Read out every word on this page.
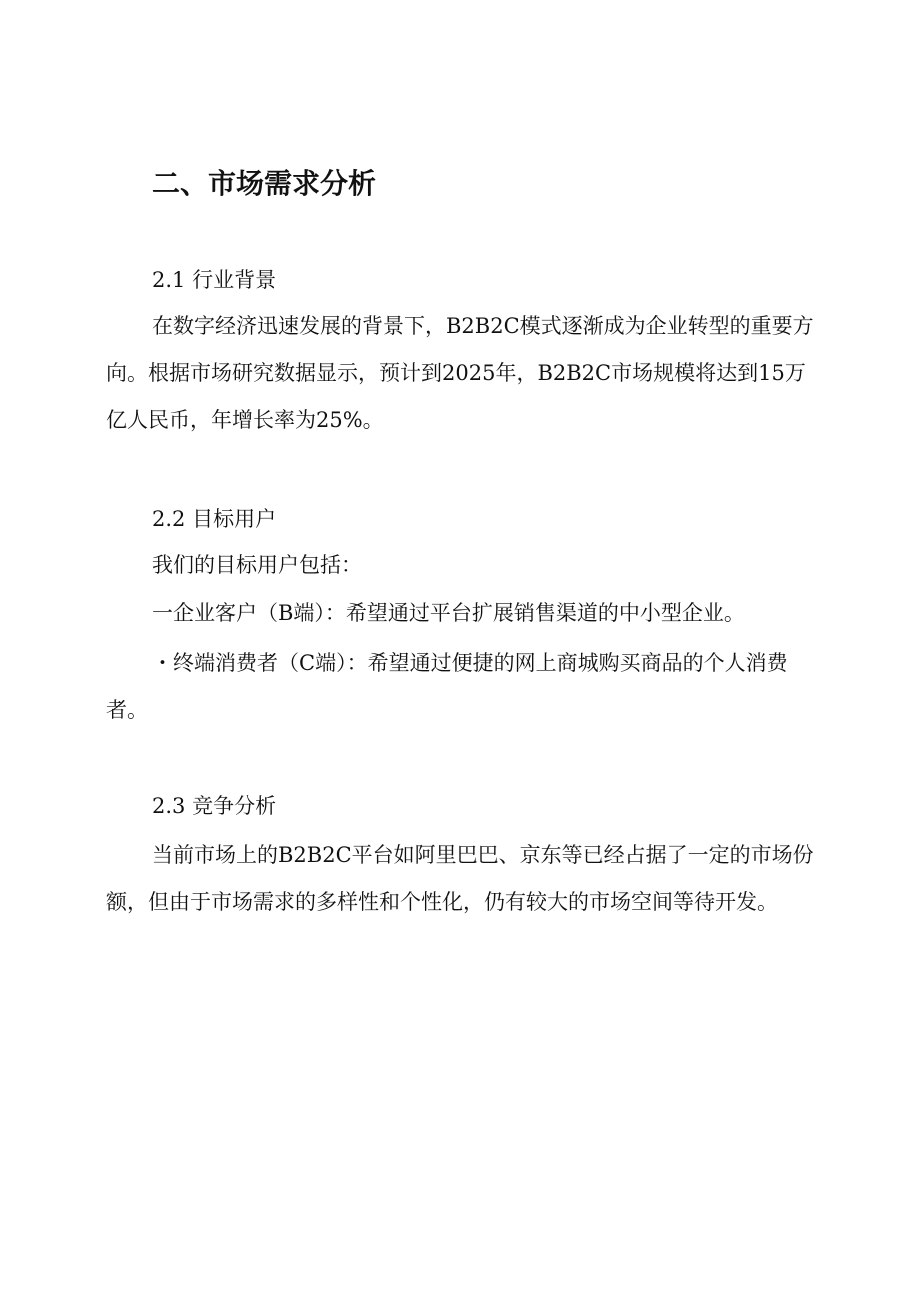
二、市场需求分析
2.1 行业背景

在数字经济迅速发展的背景下，B2B2C模式逐渐成为企业转型的重要方向。根据市场研究数据显示，预计到2025年，B2B2C市场规模将达到15万亿人民币，年增长率为25%。

2.2 目标用户
我们的目标用户包括：
一企业客户（B端）：希望通过平台扩展销售渠道的中小型企业。

・终端消费者（C端）：希望通过便捷的网上商城购买商品的个人消费者。

2.3 竞争分析

当前市场上的B2B2C平台如阿里巴巴、京东等已经占据了一定的市场份额，但由于市场需求的多样性和个性化，仍有较大的市场空间等待开发。
